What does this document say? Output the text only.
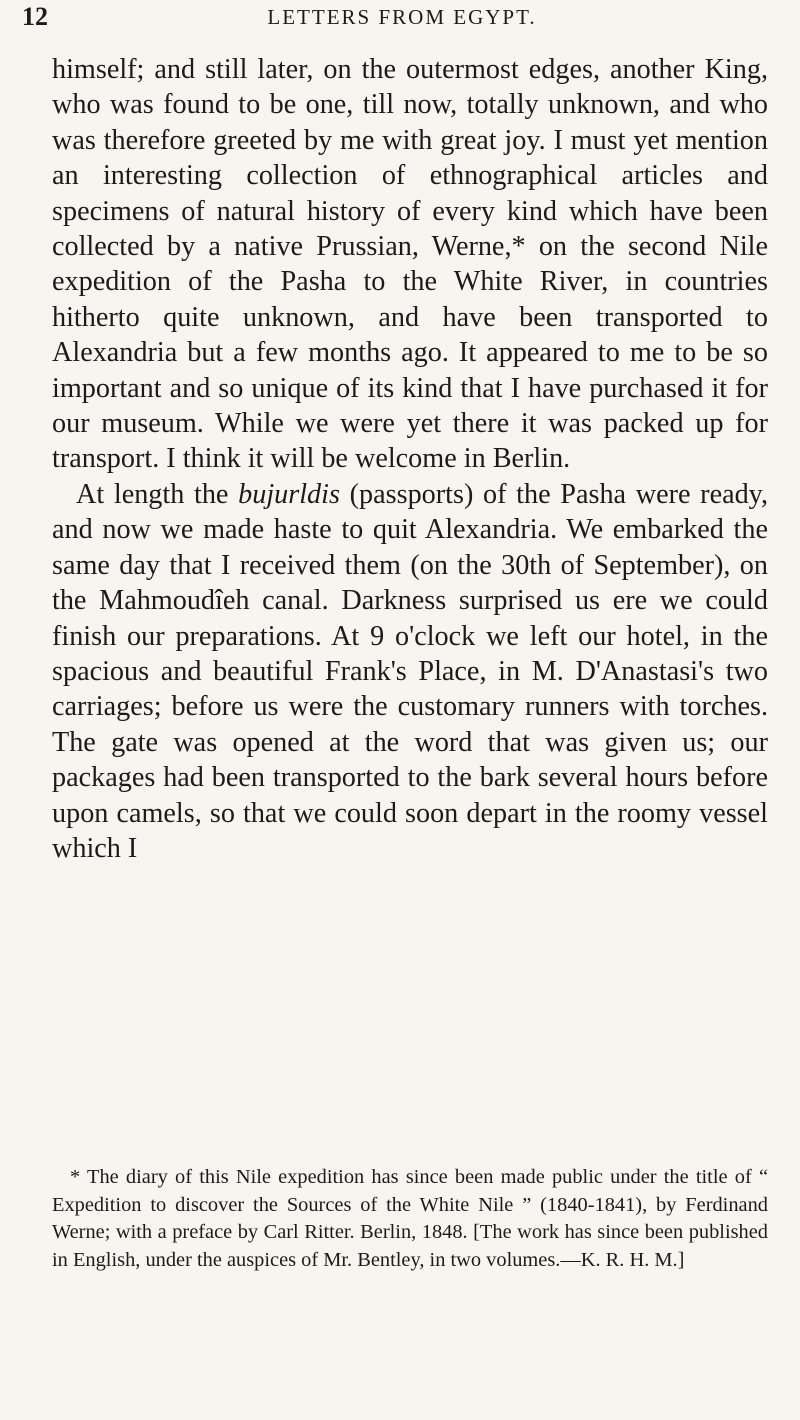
12	LETTERS FROM EGYPT.

himself; and still later, on the outermost edges, another King, who was found to be one, till now, totally unknown, and who was therefore greeted by me with great joy. I must yet mention an interesting collection of ethnographical articles and specimens of natural history of every kind which have been collected by a native Prussian, Werne,* on the second Nile expedition of the Pasha to the White River, in countries hitherto quite unknown, and have been transported to Alexandria but a few months ago. It appeared to me to be so important and so unique of its kind that I have purchased it for our museum. While we were yet there it was packed up for transport. I think it will be welcome in Berlin.

At length the bujurldis (passports) of the Pasha were ready, and now we made haste to quit Alexandria. We embarked the same day that I received them (on the 30th of September), on the Mahmoudîeh canal. Darkness surprised us ere we could finish our preparations. At 9 o'clock we left our hotel, in the spacious and beautiful Frank's Place, in M. D'Anastasi's two carriages; before us were the customary runners with torches. The gate was opened at the word that was given us; our packages had been transported to the bark several hours before upon camels, so that we could soon depart in the roomy vessel which I

* The diary of this Nile expedition has since been made public under the title of “ Expedition to discover the Sources of the White Nile ” (1840-1841), by Ferdinand Werne; with a preface by Carl Ritter. Berlin, 1848. [The work has since been published in English, under the auspices of Mr. Bentley, in two volumes.—K. R. H. M.]
